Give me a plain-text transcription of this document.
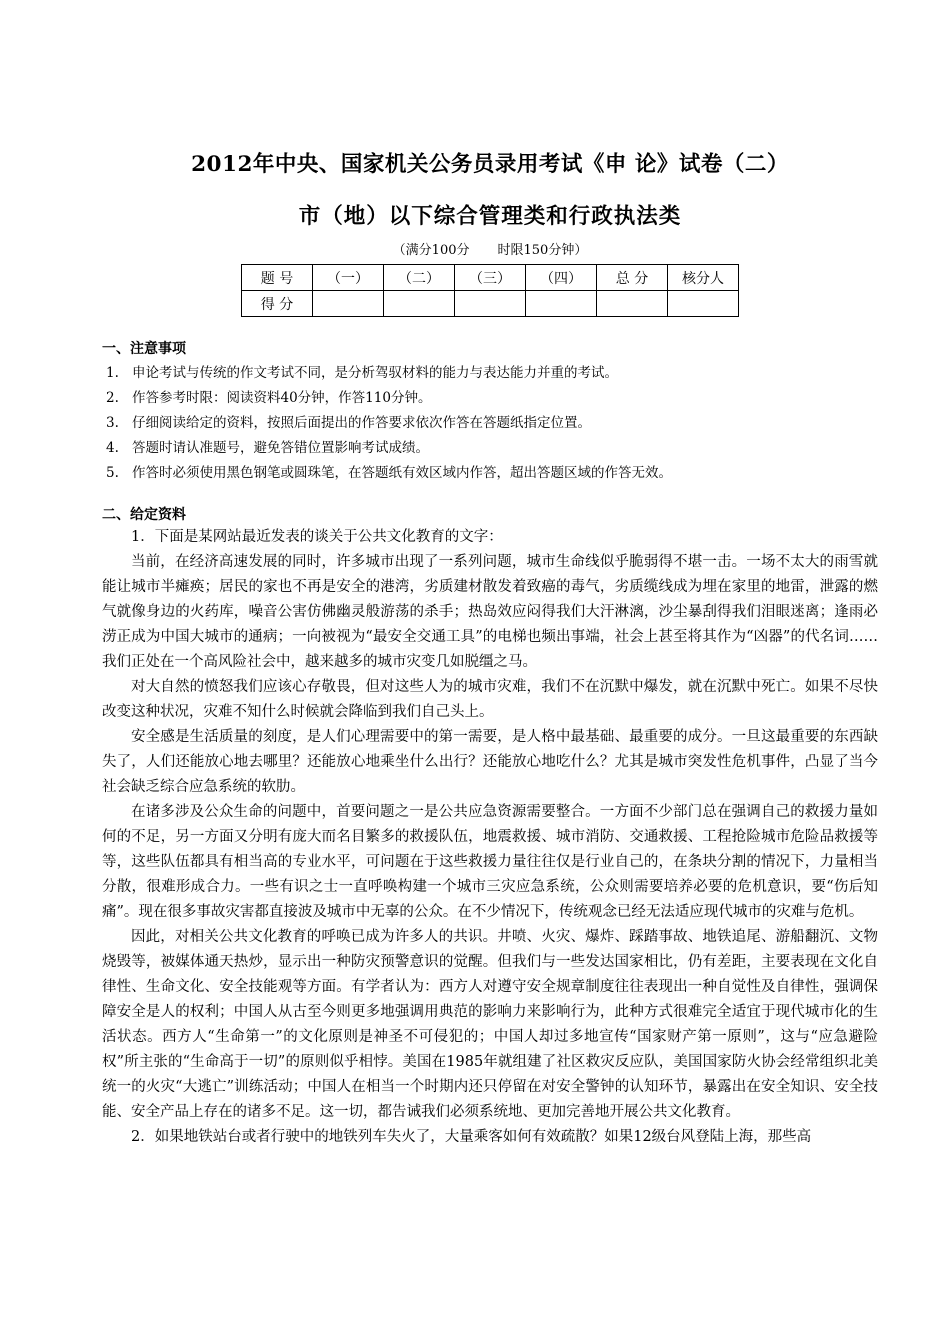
2012年中央、国家机关公务员录用考试《申 论》试卷（二）
市（地）以下综合管理类和行政执法类
（满分100分 时限150分钟）
题 号	（一）	（二）	（三）	（四）	总 分	核分人
得 分						
一、注意事项
1. 申论考试与传统的作文考试不同，是分析驾驭材料的能力与表达能力并重的考试。
2. 作答参考时限：阅读资料40分钟，作答110分钟。
3. 仔细阅读给定的资料，按照后面提出的作答要求依次作答在答题纸指定位置。
4. 答题时请认准题号，避免答错位置影响考试成绩。
5. 作答时必须使用黑色钢笔或圆珠笔，在答题纸有效区域内作答，超出答题区域的作答无效。
二、给定资料

1．下面是某网站最近发表的谈关于公共文化教育的文字：

当前，在经济高速发展的同时，许多城市出现了一系列问题，城市生命线似乎脆弱得不堪一击。一场不太大的雨雪就能让城市半瘫痪；居民的家也不再是安全的港湾，劣质建材散发着致癌的毒气，劣质缆线成为埋在家里的地雷，泄露的燃气就像身边的火药库，噪音公害仿佛幽灵般游荡的杀手；热岛效应闷得我们大汗淋漓，沙尘暴刮得我们泪眼迷离；逢雨必涝正成为中国大城市的通病；一向被视为“最安全交通工具”的电梯也频出事端，社会上甚至将其作为“凶器”的代名词……我们正处在一个高风险社会中，越来越多的城市灾变几如脱缰之马。

对大自然的愤怒我们应该心存敬畏，但对这些人为的城市灾难，我们不在沉默中爆发，就在沉默中死亡。如果不尽快改变这种状况，灾难不知什么时候就会降临到我们自己头上。

安全感是生活质量的刻度，是人们心理需要中的第一需要，是人格中最基础、最重要的成分。一旦这最重要的东西缺失了，人们还能放心地去哪里？还能放心地乘坐什么出行？还能放心地吃什么？尤其是城市突发性危机事件，凸显了当今社会缺乏综合应急系统的软肋。

在诸多涉及公众生命的问题中，首要问题之一是公共应急资源需要整合。一方面不少部门总在强调自己的救援力量如何的不足，另一方面又分明有庞大而名目繁多的救援队伍，地震救援、城市消防、交通救援、工程抢险城市危险品救援等等，这些队伍都具有相当高的专业水平，可问题在于这些救援力量往往仅是行业自己的，在条块分割的情况下，力量相当分散，很难形成合力。一些有识之士一直呼唤构建一个城市三灾应急系统，公众则需要培养必要的危机意识，要“伤后知痛”。现在很多事故灾害都直接波及城市中无辜的公众。在不少情况下，传统观念已经无法适应现代城市的灾难与危机。

因此，对相关公共文化教育的呼唤已成为许多人的共识。井喷、火灾、爆炸、踩踏事故、地铁追尾、游船翻沉、文物烧毁等，被媒体通天热炒，显示出一种防灾预警意识的觉醒。但我们与一些发达国家相比，仍有差距，主要表现在文化自律性、生命文化、安全技能观等方面。有学者认为：西方人对遵守安全规章制度往往表现出一种自觉性及自律性，强调保障安全是人的权利；中国人从古至今则更多地强调用典范的影响力来影响行为，此种方式很难完全适宜于现代城市化的生活状态。西方人“生命第一”的文化原则是神圣不可侵犯的；中国人却过多地宣传“国家财产第一原则”，这与“应急避险权”所主张的“生命高于一切”的原则似乎相悖。美国在1985年就组建了社区救灾反应队，美国国家防火协会经常组织北美统一的火灾“大逃亡”训练活动；中国人在相当一个时期内还只停留在对安全警钟的认知环节，暴露出在安全知识、安全技能、安全产品上存在的诸多不足。这一切，都告诫我们必须系统地、更加完善地开展公共文化教育。

2．如果地铁站台或者行驶中的地铁列车失火了，大量乘客如何有效疏散？如果12级台风登陆上海，那些高
